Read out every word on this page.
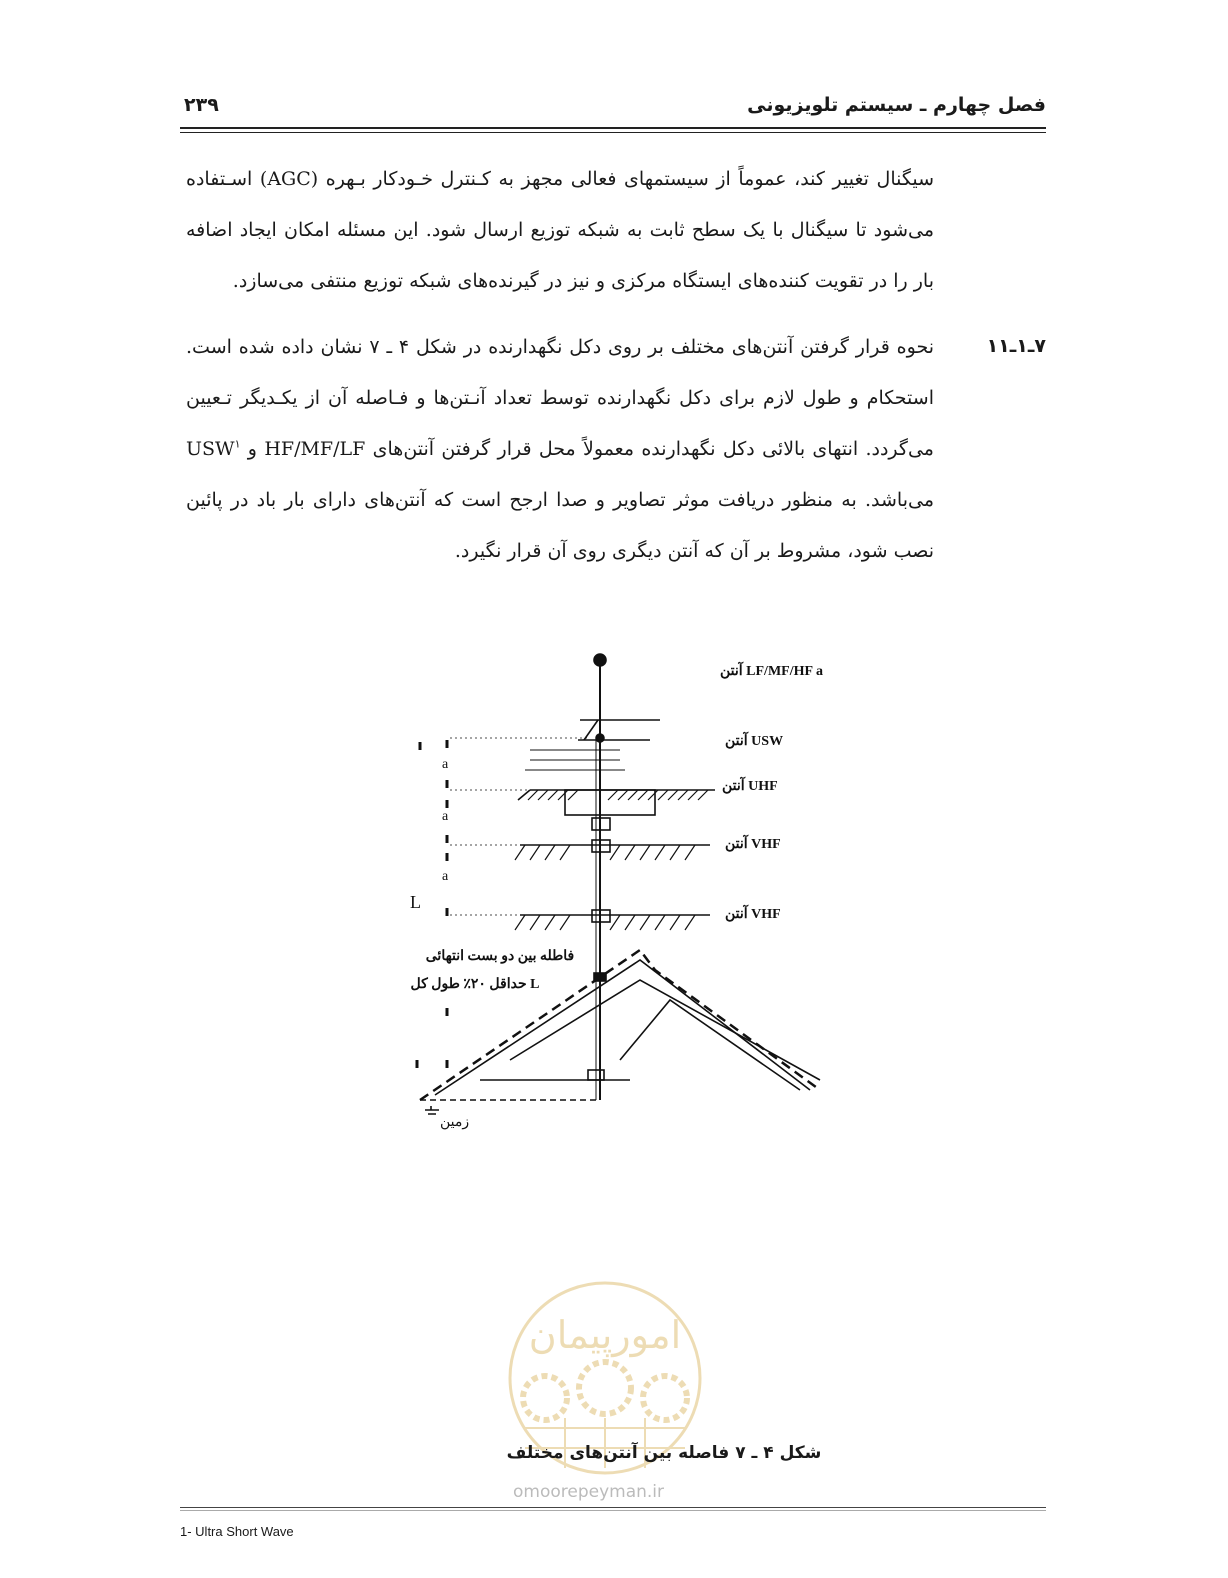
فصل چهارم ـ سیستم تلویزیونی
۲۳۹

سیگنال تغییر کند، عموماً از سیستمهای فعالی مجهز به کـنترل خـودکار بـهره (AGC) اسـتفاده می‌شود تا سیگنال با یک سطح ثابت به شبکه توزیع ارسال شود. این مسئله امکان ایجاد اضافه بار را در تقویت کننده‌های ایستگاه مرکزی و نیز در گیرنده‌های شبکه توزیع منتفی می‌سازد.

۷ـ۱ـ۱۱

نحوه قرار گرفتن آنتن‌های مختلف بر روی دکل نگهدارنده در شکل ۴ ـ ۷ نشان داده شده است. استحکام و طول لازم برای دکل نگهدارنده توسط تعداد آنـتن‌ها و فـاصله آن از یکـدیگر تـعیین می‌گردد. انتهای بالائی دکل نگهدارنده معمولاً محل قرار گرفتن آنتن‌های HF/MF/LF و USW$^۱$ می‌باشد. به منظور دریافت موثر تصاویر و صدا ارجح است که آنتن‌های دارای بار باد در پائین نصب شود، مشروط بر آن که آنتن دیگری روی آن قرار نگیرد.

آنتن LF/MF/HF a
آنتن USW
آنتن UHF
آنتن VHF
آنتن VHF
a
a
a
L
فاطله بین دو بست انتهائی
حداقل ۲۰٪ طول کل L
زمین
امورپیمان
شکل ۴ ـ ۷ فاصله بین آنتن‌های مختلف
omoorepeyman.ir
1- Ultra Short Wave
